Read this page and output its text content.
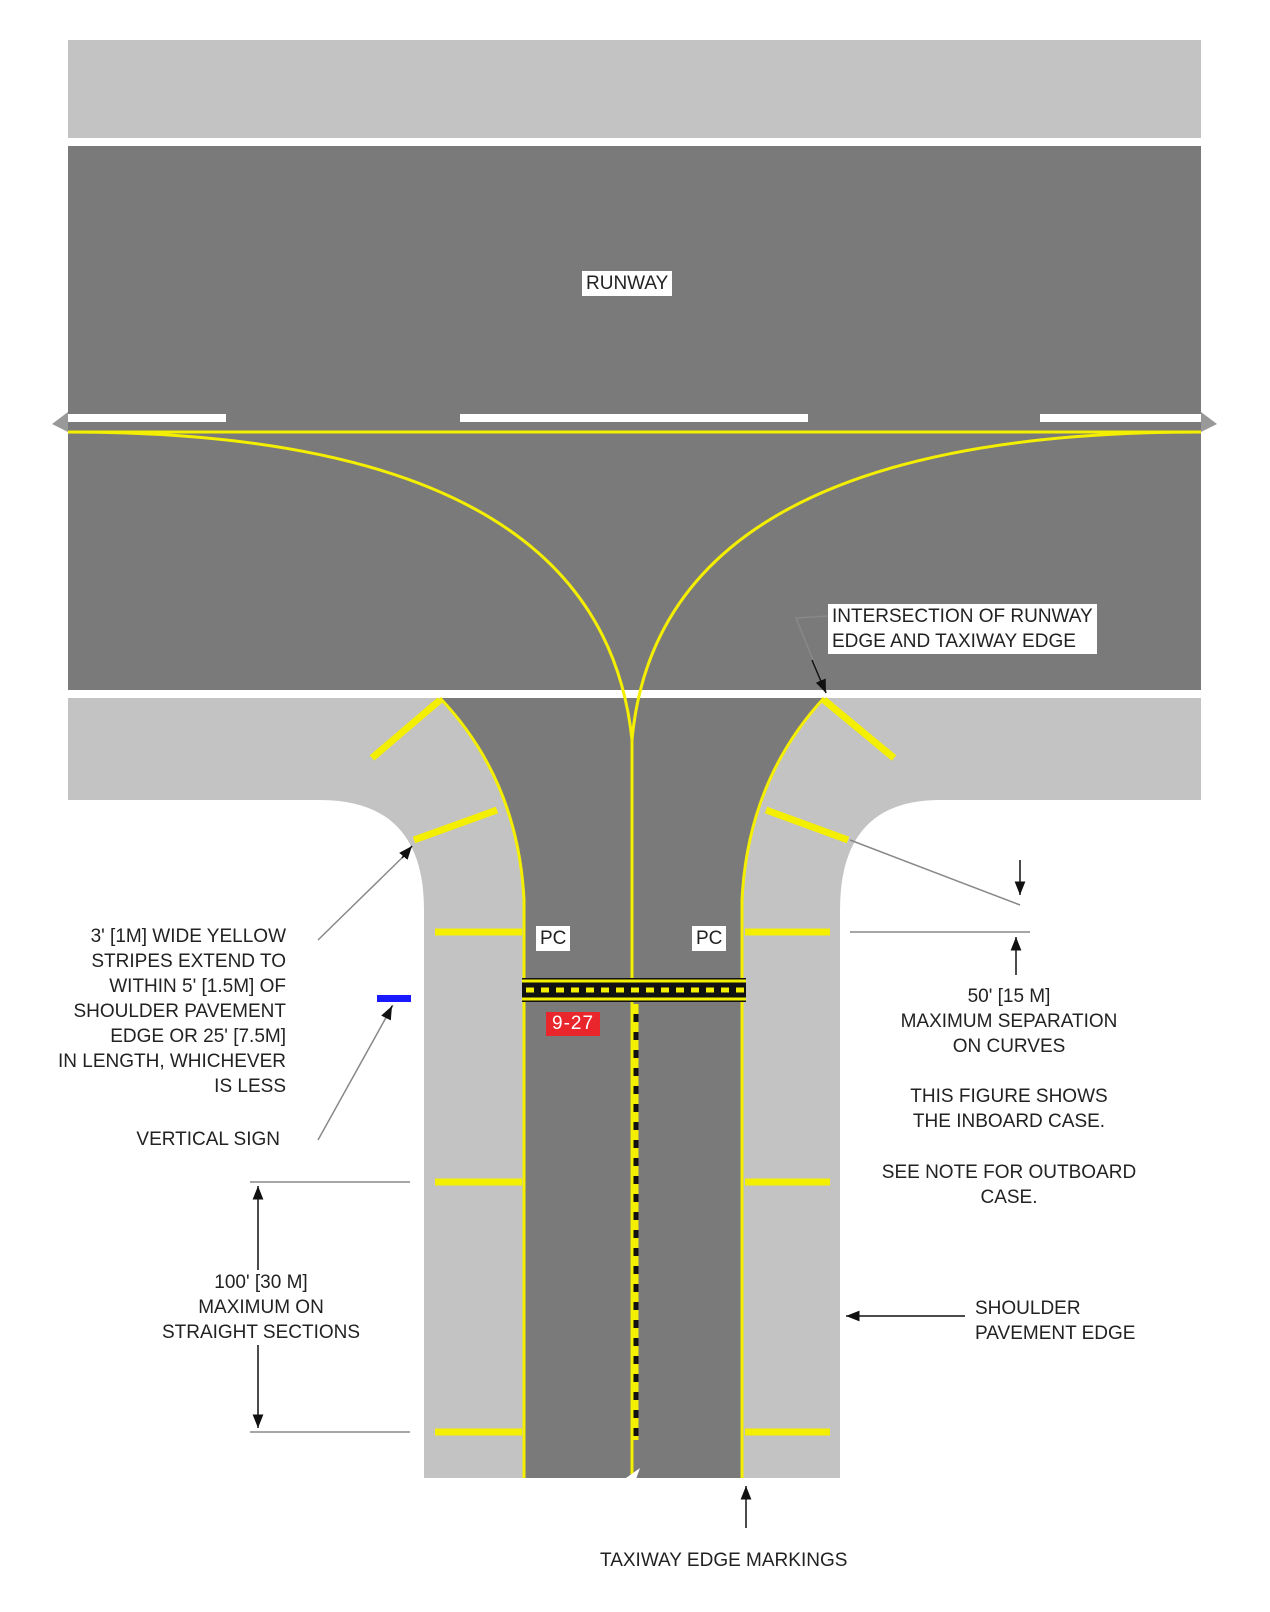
RUNWAY
INTERSECTION OF RUNWAY
EDGE AND TAXIWAY EDGE
3' [1M] WIDE YELLOW
STRIPES EXTEND TO
WITHIN 5' [1.5M] OF
SHOULDER PAVEMENT
EDGE OR 25' [7.5M]
IN LENGTH, WHICHEVER
IS LESS
VERTICAL SIGN
50' [15 M]
MAXIMUM SEPARATION
ON CURVES
THIS FIGURE SHOWS
THE INBOARD CASE.
SEE NOTE FOR OUTBOARD
CASE.
100' [30 M]
MAXIMUM ON
STRAIGHT SECTIONS
SHOULDER
PAVEMENT EDGE
TAXIWAY EDGE MARKINGS
PC	PC
9-27
